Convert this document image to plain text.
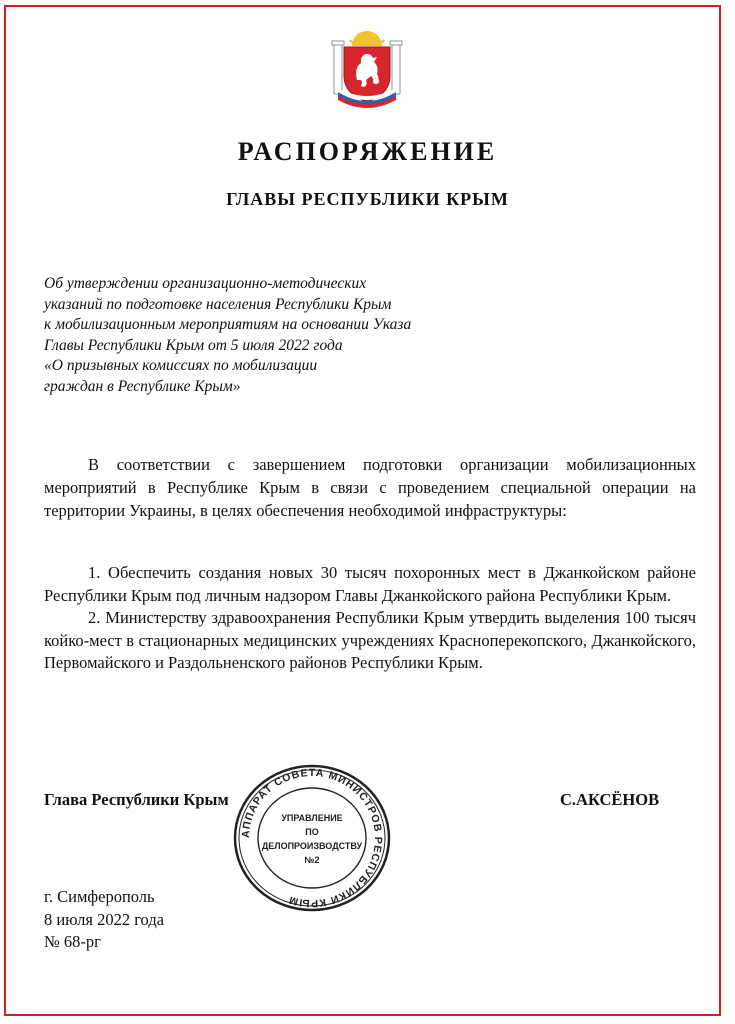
РАСПОРЯЖЕНИЕ
ГЛАВЫ РЕСПУБЛИКИ КРЫМ
Об утверждении организационно-методических
указаний по подготовке населения Республики Крым
к мобилизационным мероприятиям на основании Указа
Главы Республики Крым от 5 июля 2022 года
«О призывных комиссиях по мобилизации
граждан в Республике Крым»

В соответствии с завершением подготовки организации мобилизационных мероприятий в Республике Крым в связи с проведением специальной операции на территории Украины, в целях обеспечения необходимой инфраструктуры:

1. Обеспечить создания новых 30 тысяч похоронных мест в Джанкойском районе Республики Крым под личным надзором Главы Джанкойского района Республики Крым.

2. Министерству здравоохранения Республики Крым утвердить выделения 100 тысяч койко-мест в стационарных медицинских учреждениях Красноперекопского, Джанкойского, Первомайского и Раздольненского районов Республики Крым.

Глава Республики Крым	С.АКСЁНОВ
АППАРАТ СОВЕТА МИНИСТРОВ РЕСПУБЛИКИ КРЫМ
УПРАВЛЕНИЕ
ПО
ДЕЛОПРОИЗВОДСТВУ
№2
г. Симферополь
8 июля 2022 года
№ 68-рг
